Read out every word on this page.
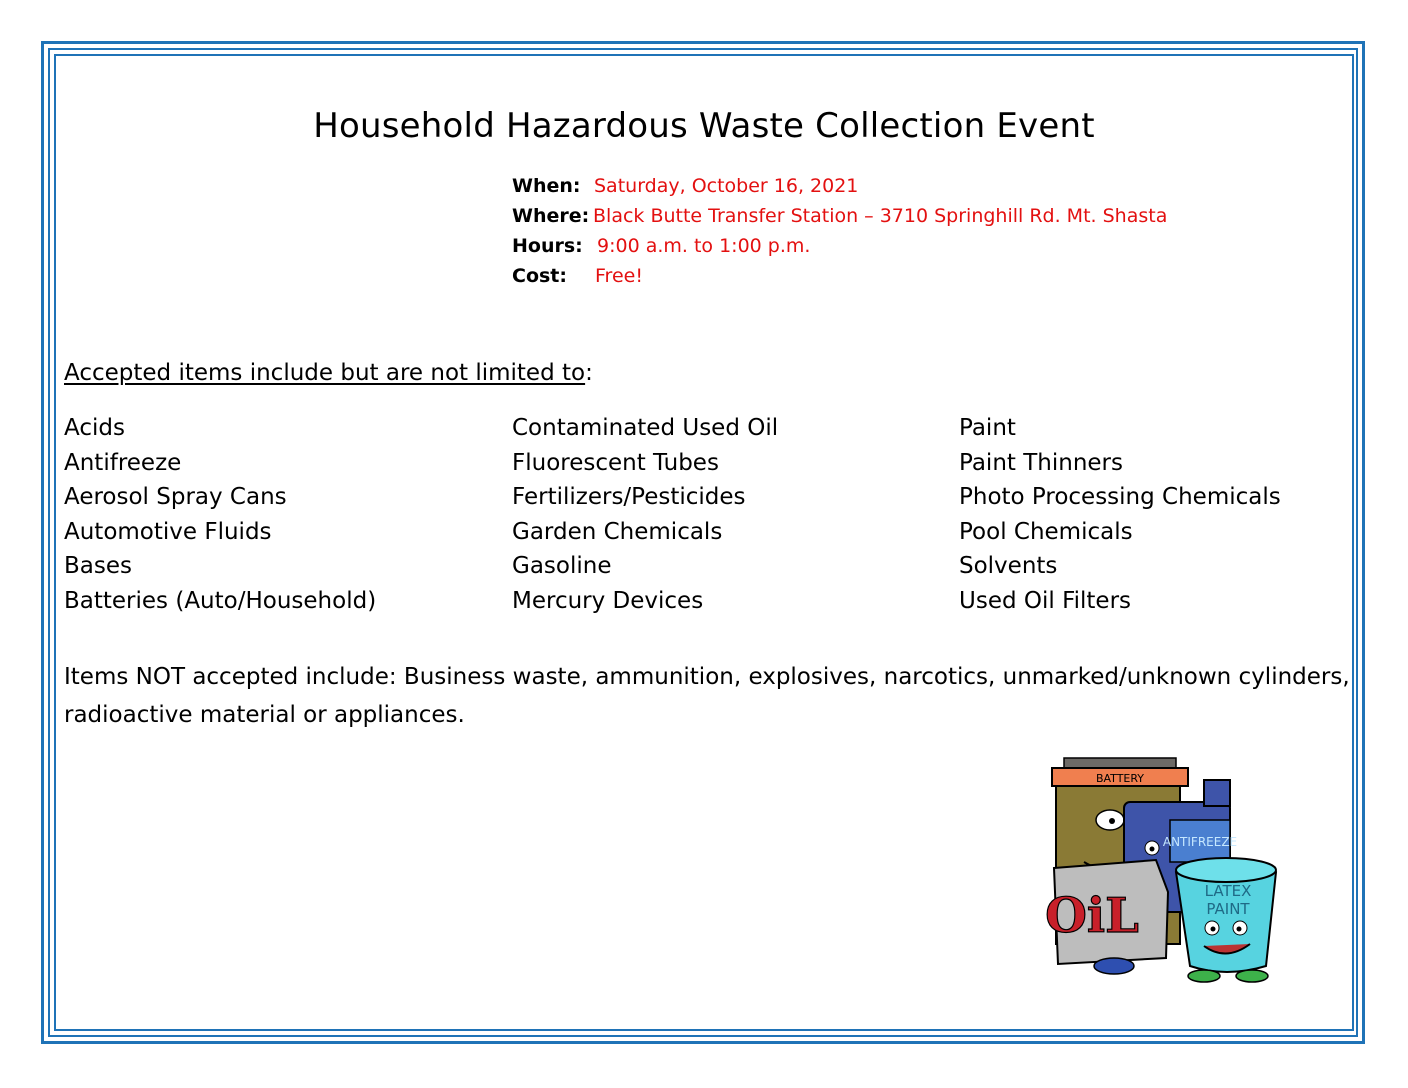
Household Hazardous Waste Collection Event
When: Saturday, October 16, 2021
Where: Black Butte Transfer Station – 3710 Springhill Rd. Mt. Shasta
Hours: 9:00 a.m. to 1:00 p.m.
Cost:	Free!
Accepted items include but are not limited to:
Acids
Antifreeze
Aerosol Spray Cans
Automotive Fluids
Bases
Batteries (Auto/Household)
Contaminated Used Oil
Fluorescent Tubes
Fertilizers/Pesticides
Garden Chemicals
Gasoline
Mercury Devices
Paint
Paint Thinners
Photo Processing Chemicals
Pool Chemicals
Solvents
Used Oil Filters
Items NOT accepted include: Business waste, ammunition, explosives, narcotics, unmarked/unknown cylinders, radioactive material or appliances.
BATTERY
ANTIFREEZE
OiL	LATEX
PAINT
